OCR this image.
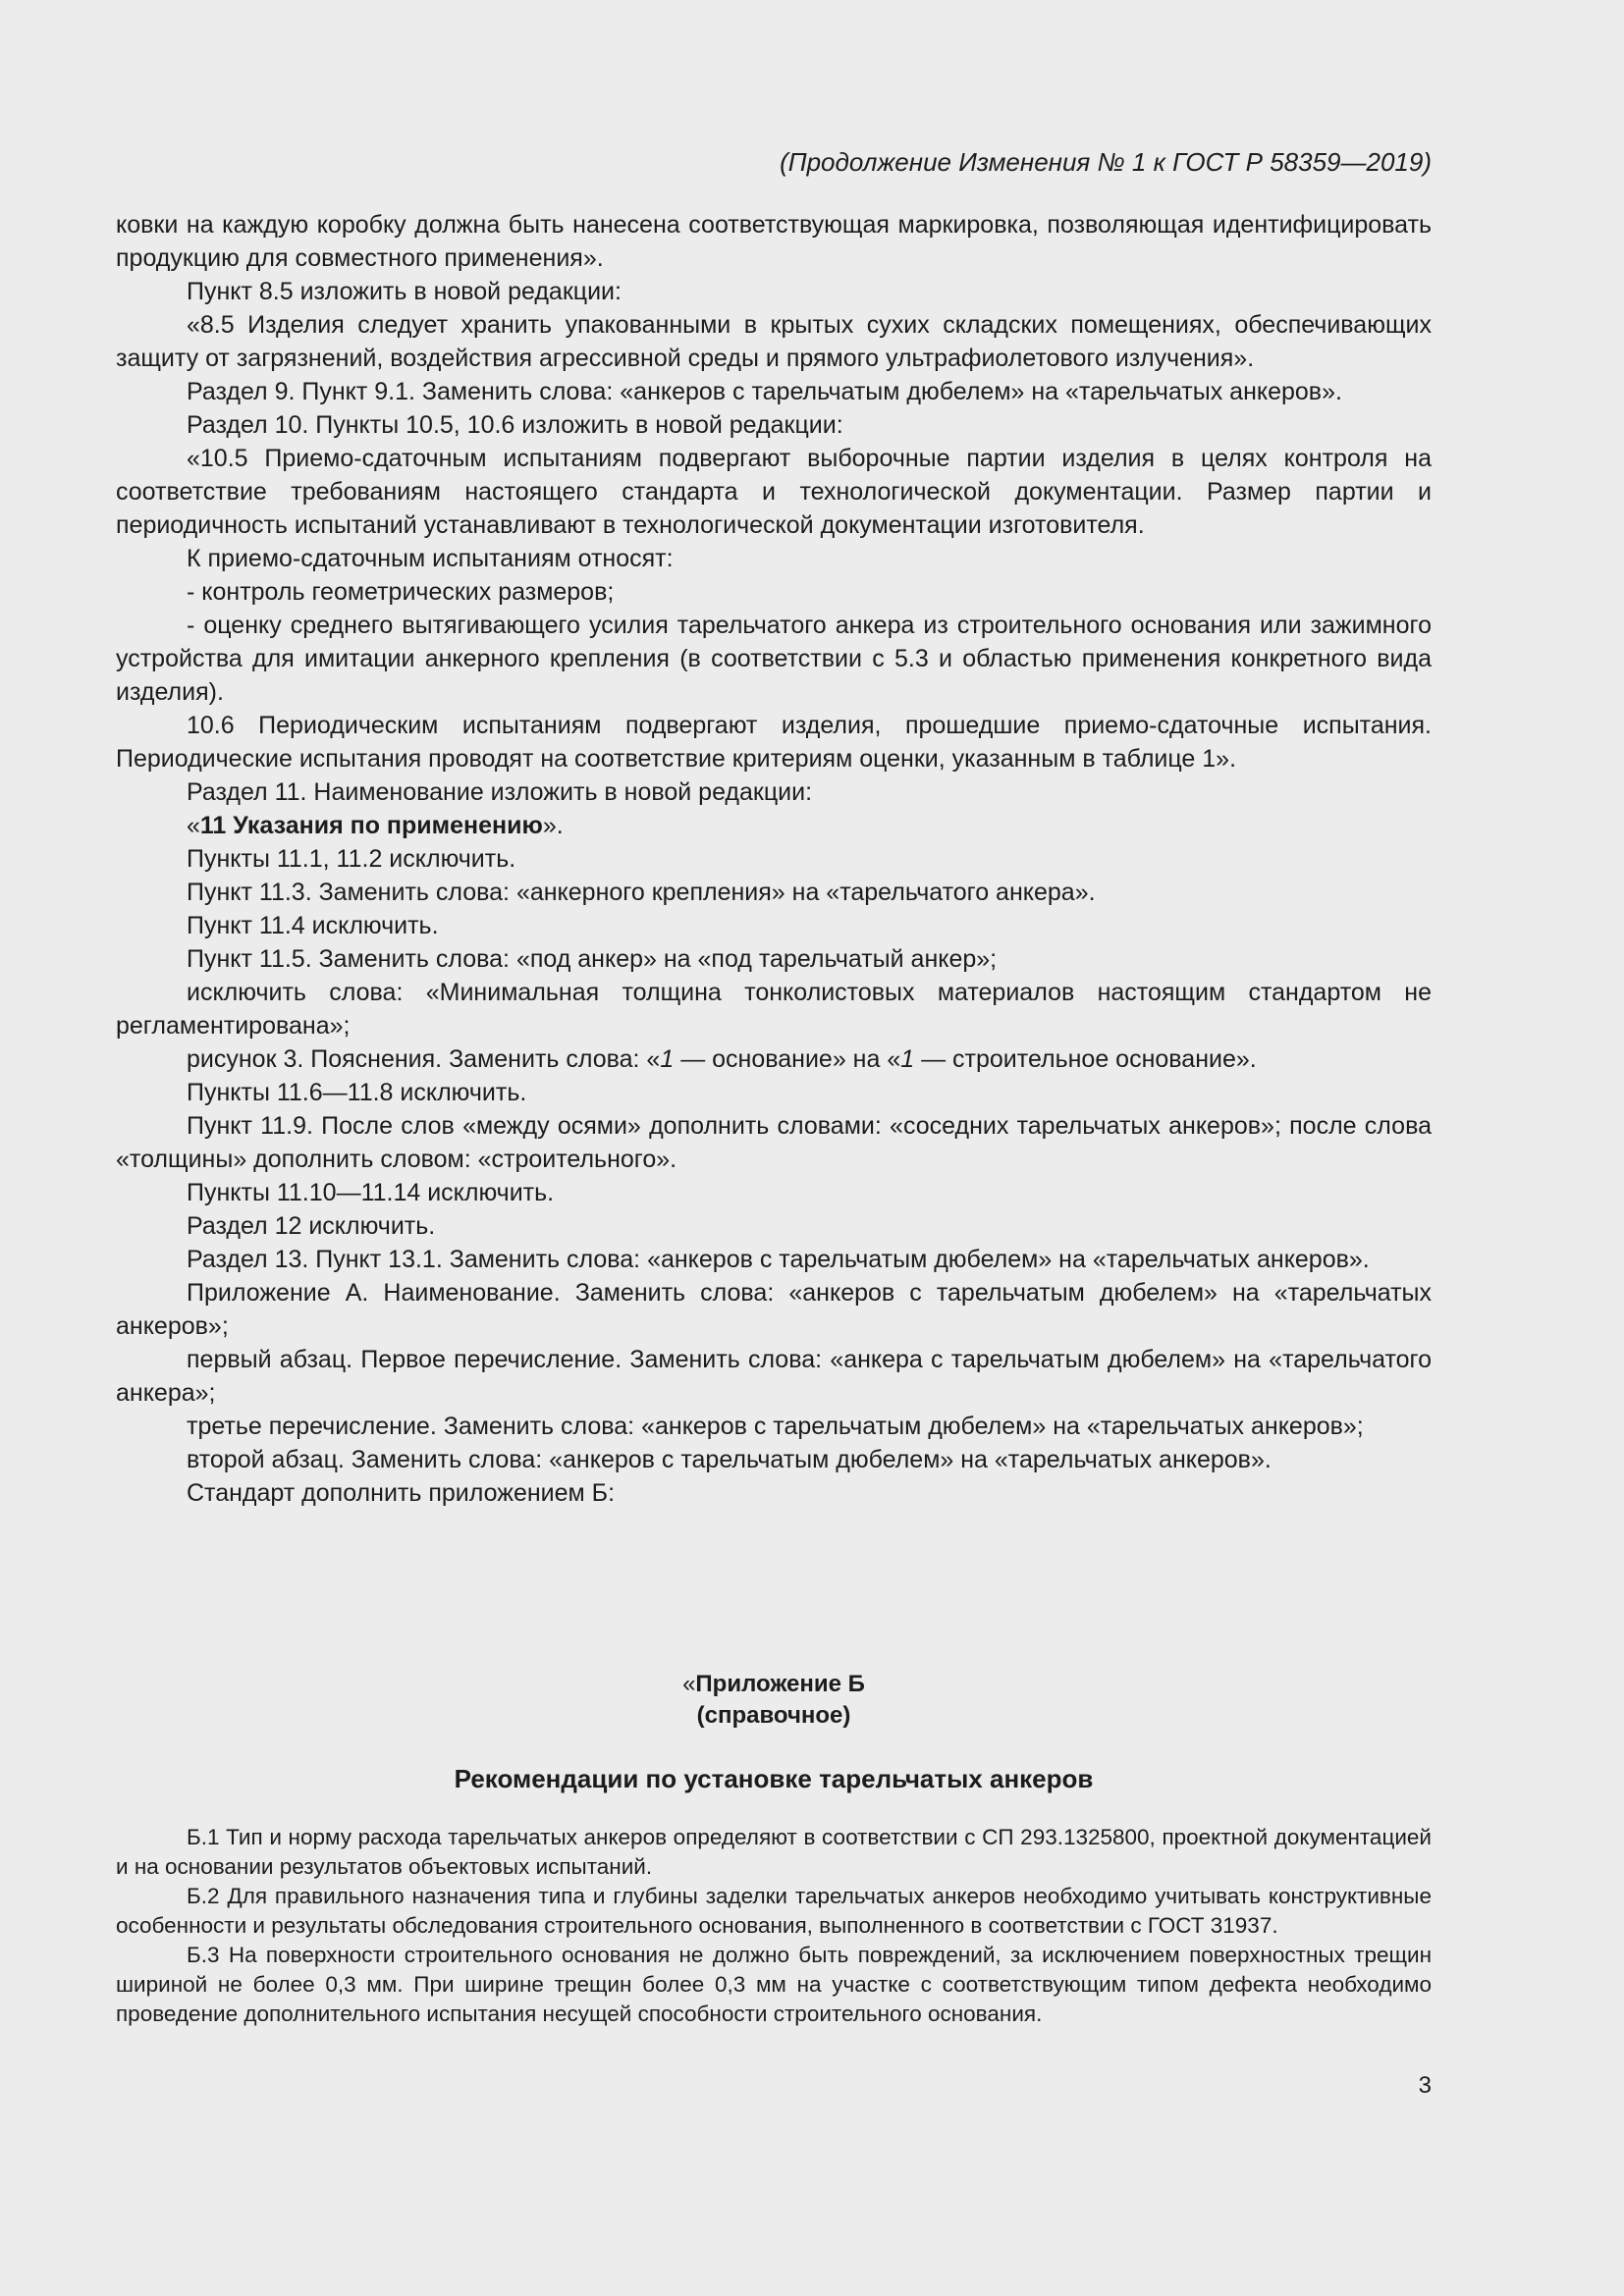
(Продолжение Изменения № 1 к ГОСТ Р 58359—2019)

ковки на каждую коробку должна быть нанесена соответствующая маркировка, позволяющая идентифицировать продукцию для совместного применения».

Пункт 8.5 изложить в новой редакции:

«8.5 Изделия следует хранить упакованными в крытых сухих складских помещениях, обеспечивающих защиту от загрязнений, воздействия агрессивной среды и прямого ультрафиолетового излучения».

Раздел 9. Пункт 9.1. Заменить слова: «анкеров с тарельчатым дюбелем» на «тарельчатых анкеров».

Раздел 10. Пункты 10.5, 10.6 изложить в новой редакции:

«10.5 Приемо-сдаточным испытаниям подвергают выборочные партии изделия в целях контроля на соответствие требованиям настоящего стандарта и технологической документации. Размер партии и периодичность испытаний устанавливают в технологической документации изготовителя.

К приемо-сдаточным испытаниям относят:

- контроль геометрических размеров;

- оценку среднего вытягивающего усилия тарельчатого анкера из строительного основания или зажимного устройства для имитации анкерного крепления (в соответствии с 5.3 и областью применения конкретного вида изделия).

10.6 Периодическим испытаниям подвергают изделия, прошедшие приемо-сдаточные испытания. Периодические испытания проводят на соответствие критериям оценки, указанным в таблице 1».

Раздел 11. Наименование изложить в новой редакции:

«11 Указания по применению».

Пункты 11.1, 11.2 исключить.

Пункт 11.3. Заменить слова: «анкерного крепления» на «тарельчатого анкера».

Пункт 11.4 исключить.

Пункт 11.5. Заменить слова: «под анкер» на «под тарельчатый анкер»;

исключить слова: «Минимальная толщина тонколистовых материалов настоящим стандартом не регламентирована»;

рисунок 3. Пояснения. Заменить слова: «1 — основание» на «1 — строительное основание».

Пункты 11.6—11.8 исключить.

Пункт 11.9. После слов «между осями» дополнить словами: «соседних тарельчатых анкеров»; после слова «толщины» дополнить словом: «строительного».

Пункты 11.10—11.14 исключить.

Раздел 12 исключить.

Раздел 13. Пункт 13.1. Заменить слова: «анкеров с тарельчатым дюбелем» на «тарельчатых анкеров».

Приложение А. Наименование. Заменить слова: «анкеров с тарельчатым дюбелем» на «тарельчатых анкеров»;

первый абзац. Первое перечисление. Заменить слова: «анкера с тарельчатым дюбелем» на «тарельчатого анкера»;

третье перечисление. Заменить слова: «анкеров с тарельчатым дюбелем» на «тарельчатых анкеров»;

второй абзац. Заменить слова: «анкеров с тарельчатым дюбелем» на «тарельчатых анкеров».

Стандарт дополнить приложением Б:

«Приложение Б
(справочное)
Рекомендации по установке тарельчатых анкеров

Б.1 Тип и норму расхода тарельчатых анкеров определяют в соответствии с СП 293.1325800, проектной документацией и на основании результатов объектовых испытаний.

Б.2 Для правильного назначения типа и глубины заделки тарельчатых анкеров необходимо учитывать конструктивные особенности и результаты обследования строительного основания, выполненного в соответствии с ГОСТ 31937.

Б.3 На поверхности строительного основания не должно быть повреждений, за исключением поверхностных трещин шириной не более 0,3 мм. При ширине трещин более 0,3 мм на участке с соответствующим типом дефекта необходимо проведение дополнительного испытания несущей способности строительного основания.

3
